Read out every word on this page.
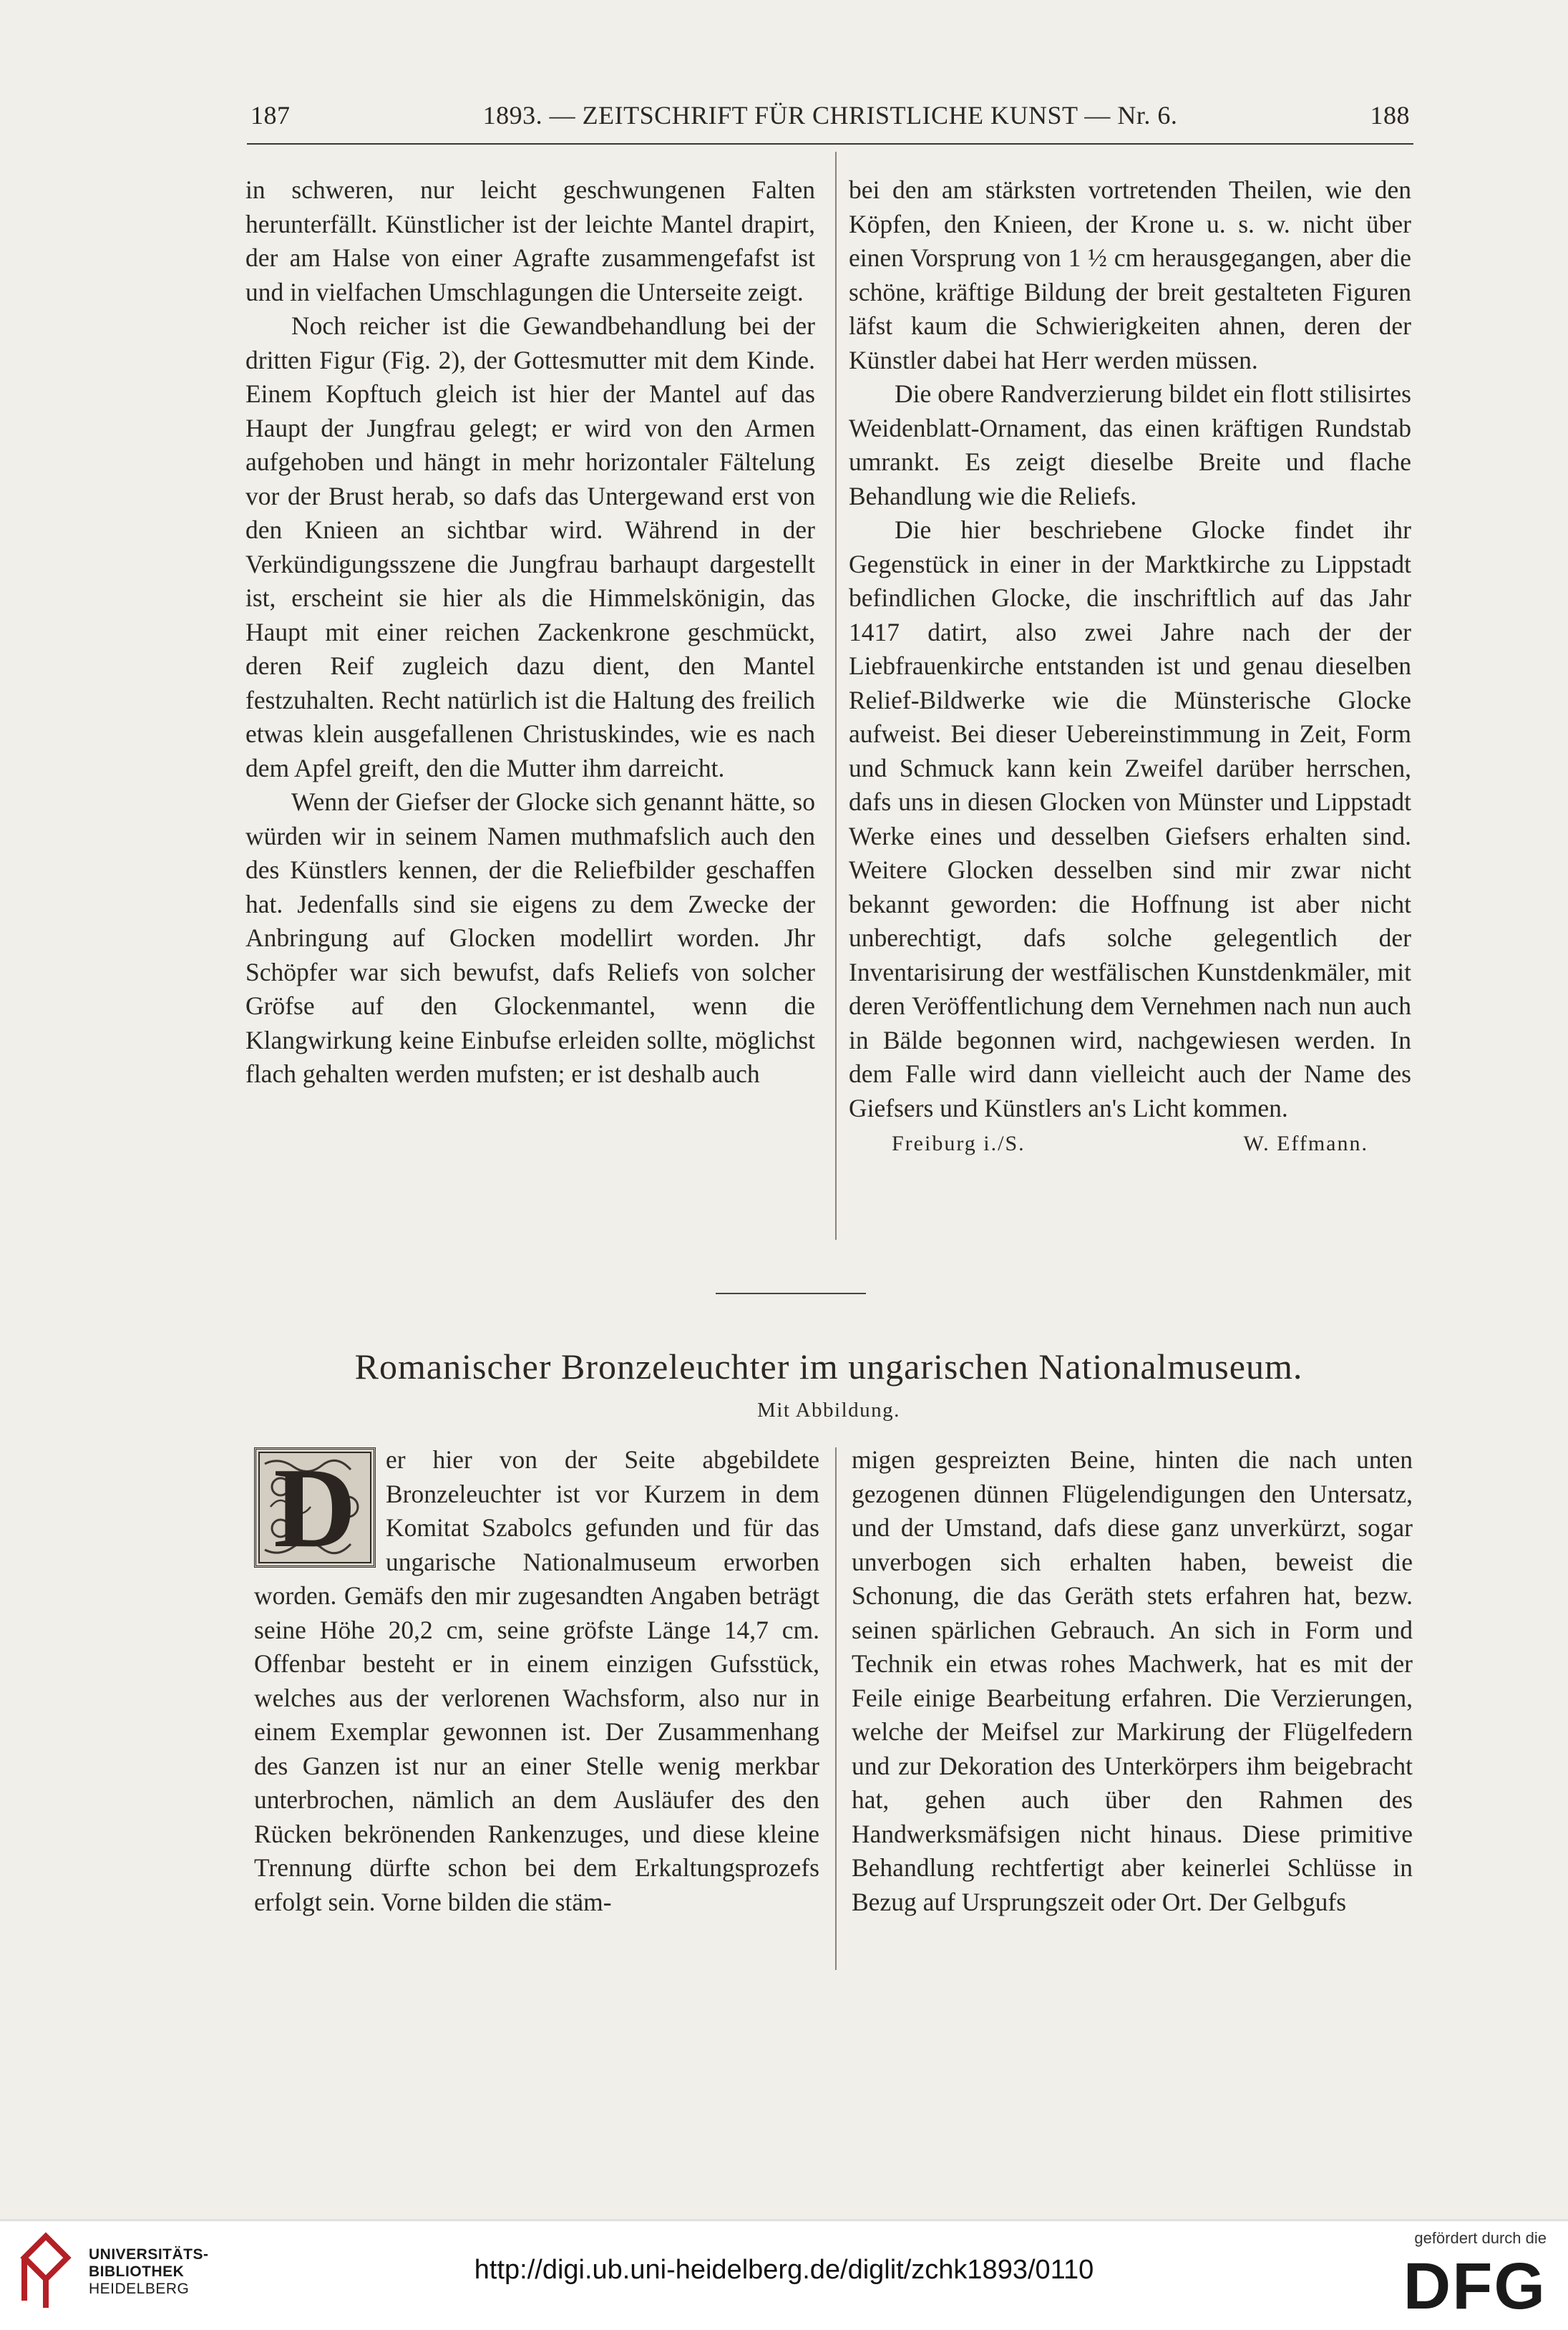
187	1893. — ZEITSCHRIFT FÜR CHRISTLICHE KUNST — Nr. 6.	188

in schweren, nur leicht geschwungenen Falten herunterfällt. Künstlicher ist der leichte Mantel drapirt, der am Halse von einer Agrafte zusammengefafst ist und in vielfachen Umschlagungen die Unterseite zeigt.

Noch reicher ist die Gewandbehandlung bei der dritten Figur (Fig. 2), der Gottesmutter mit dem Kinde. Einem Kopftuch gleich ist hier der Mantel auf das Haupt der Jungfrau gelegt; er wird von den Armen aufgehoben und hängt in mehr horizontaler Fältelung vor der Brust herab, so dafs das Untergewand erst von den Knieen an sichtbar wird. Während in der Verkündigungsszene die Jungfrau barhaupt dargestellt ist, erscheint sie hier als die Himmelskönigin, das Haupt mit einer reichen Zackenkrone geschmückt, deren Reif zugleich dazu dient, den Mantel festzuhalten. Recht natürlich ist die Haltung des freilich etwas klein ausgefallenen Christuskindes, wie es nach dem Apfel greift, den die Mutter ihm darreicht.

Wenn der Giefser der Glocke sich genannt hätte, so würden wir in seinem Namen muthmafslich auch den des Künstlers kennen, der die Reliefbilder geschaffen hat. Jedenfalls sind sie eigens zu dem Zwecke der Anbringung auf Glocken modellirt worden. Jhr Schöpfer war sich bewufst, dafs Reliefs von solcher Gröfse auf den Glockenmantel, wenn die Klangwirkung keine Einbufse erleiden sollte, möglichst flach gehalten werden mufsten; er ist deshalb auch

bei den am stärksten vortretenden Theilen, wie den Köpfen, den Knieen, der Krone u. s. w. nicht über einen Vorsprung von 1 ½ cm herausgegangen, aber die schöne, kräftige Bildung der breit gestalteten Figuren läfst kaum die Schwierigkeiten ahnen, deren der Künstler dabei hat Herr werden müssen.

Die obere Randverzierung bildet ein flott stilisirtes Weidenblatt-Ornament, das einen kräftigen Rundstab umrankt. Es zeigt dieselbe Breite und flache Behandlung wie die Reliefs.

Die hier beschriebene Glocke findet ihr Gegenstück in einer in der Marktkirche zu Lippstadt befindlichen Glocke, die inschriftlich auf das Jahr 1417 datirt, also zwei Jahre nach der der Liebfrauenkirche entstanden ist und genau dieselben Relief-Bildwerke wie die Münsterische Glocke aufweist. Bei dieser Uebereinstimmung in Zeit, Form und Schmuck kann kein Zweifel darüber herrschen, dafs uns in diesen Glocken von Münster und Lippstadt Werke eines und desselben Giefsers erhalten sind. Weitere Glocken desselben sind mir zwar nicht bekannt geworden: die Hoffnung ist aber nicht unberechtigt, dafs solche gelegentlich der Inventarisirung der westfälischen Kunstdenkmäler, mit deren Veröffentlichung dem Vernehmen nach nun auch in Bälde begonnen wird, nachgewiesen werden. In dem Falle wird dann vielleicht auch der Name des Giefsers und Künstlers an's Licht kommen.

Freiburg i./S.	W. Effmann.
Romanischer Bronzeleuchter im ungarischen Nationalmuseum.
Mit Abbildung.
D	er hier von der Seite abgebildete Bronzeleuchter ist vor Kurzem in dem Komitat Szabolcs gefunden und für das ungarische Nationalmuseum erworben worden. Gemäfs den mir zugesandten Angaben beträgt seine Höhe 20,2 cm, seine gröfste Länge 14,7 cm. Offenbar besteht er in einem einzigen Gufsstück, welches aus der verlorenen Wachsform, also nur in einem Exemplar gewonnen ist. Der Zusammenhang des Ganzen ist nur an einer Stelle wenig merkbar unterbrochen, nämlich an dem Ausläufer des den Rücken bekrönenden Rankenzuges, und diese kleine Trennung dürfte schon bei dem Erkaltungsprozefs erfolgt sein. Vorne bilden die stäm-

migen gespreizten Beine, hinten die nach unten gezogenen dünnen Flügelendigungen den Untersatz, und der Umstand, dafs diese ganz unverkürzt, sogar unverbogen sich erhalten haben, beweist die Schonung, die das Geräth stets erfahren hat, bezw. seinen spärlichen Gebrauch. An sich in Form und Technik ein etwas rohes Machwerk, hat es mit der Feile einige Bearbeitung erfahren. Die Verzierungen, welche der Meifsel zur Markirung der Flügelfedern und zur Dekoration des Unterkörpers ihm beigebracht hat, gehen auch über den Rahmen des Handwerksmäfsigen nicht hinaus. Diese primitive Behandlung rechtfertigt aber keinerlei Schlüsse in Bezug auf Ursprungszeit oder Ort. Der Gelbgufs

UNIVERSITÄTS-
BIBLIOTHEK
HEIDELBERG
http://digi.ub.uni-heidelberg.de/diglit/zchk1893/0110
gefördert durch die
DFG
